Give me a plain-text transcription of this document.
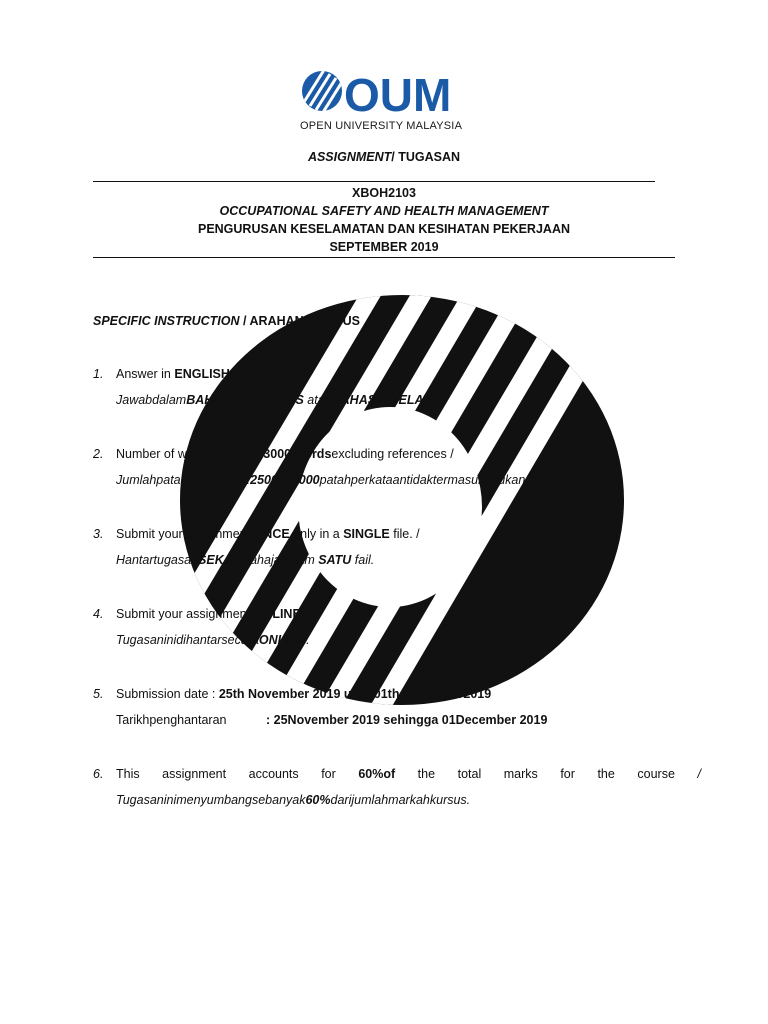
OUM
OPEN UNIVERSITY MALAYSIA
ASSIGNMENT/ TUGASAN
XBOH2103
OCCUPATIONAL SAFETY AND HEALTH MANAGEMENT
PENGURUSAN KESELAMATAN DAN KESIHATAN PEKERJAAN
SEPTEMBER 2019
SPECIFIC INSTRUCTION / ARAHAN KHUSUS
1. Answer in ENGLISH or MALAY /
JawabdalamBAHASA INGGERIS atauBAHASA MELAYU.
2. Number of words : 2500 – 3000 wordsexcluding references /
Jumlahpatahperkataan :2500 – 3000patahperkataantidaktermasukrujukan.
3. Submit your assignment ONCE only in a SINGLE file. /
HantartugasanSEKALIsahajadalam SATU fail.
4. Submit your assignment ONLINE.
TugasaninidihantarsecaraONLINE.
5. Submission date : 25th November 2019 until 01th December2019
Tarikhpenghantaran	: 25November 2019 sehingga 01December 2019
6. This assignment accounts for 60%of the total marks for the course /
Tugasaninimenyumbangsebanyak60%darijumlahmarkahkursus.
